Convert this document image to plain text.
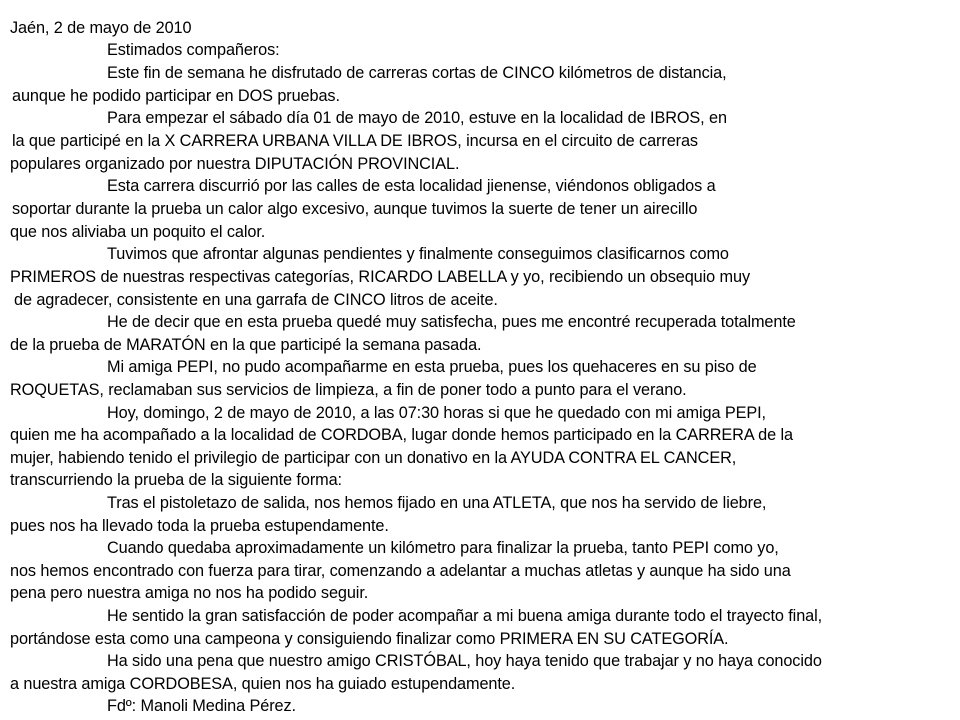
Jaén, 2 de mayo de 2010
Estimados compañeros:
Este fin de semana he disfrutado de carreras cortas de CINCO kilómetros de distancia,
aunque he podido participar en DOS pruebas.
Para empezar el sábado día 01 de mayo de 2010, estuve en la localidad de IBROS, en
la que participé en la X CARRERA URBANA VILLA DE IBROS, incursa en el circuito de carreras
populares organizado por nuestra DIPUTACIÓN PROVINCIAL.
Esta carrera discurrió por las calles de esta localidad jienense, viéndonos obligados a
soportar durante la prueba un calor algo excesivo, aunque tuvimos la suerte de tener un airecillo
que nos aliviaba un poquito el calor.
Tuvimos que afrontar algunas pendientes y finalmente conseguimos clasificarnos como
PRIMEROS de nuestras respectivas categorías, RICARDO LABELLA y yo, recibiendo un obsequio muy
de agradecer, consistente en una garrafa de CINCO litros de aceite.
He de decir que en esta prueba quedé muy satisfecha, pues me encontré recuperada totalmente
de la prueba de MARATÓN en la que participé la semana pasada.
Mi amiga PEPI, no pudo acompañarme en esta prueba, pues los quehaceres en su piso de
ROQUETAS, reclamaban sus servicios de limpieza, a fin de poner todo a punto para el verano.
Hoy, domingo, 2 de mayo de 2010, a las 07:30 horas si que he quedado con mi amiga PEPI,
quien me ha acompañado a la localidad de CORDOBA, lugar donde hemos participado en la CARRERA de la
mujer, habiendo tenido el privilegio de participar con un donativo en la AYUDA CONTRA EL CANCER,
transcurriendo la prueba de la siguiente forma:
Tras el pistoletazo de salida, nos hemos fijado en una ATLETA, que nos ha servido de liebre,
pues nos ha llevado toda la prueba estupendamente.
Cuando quedaba aproximadamente un kilómetro para finalizar la prueba, tanto PEPI como yo,
nos hemos encontrado con fuerza para tirar, comenzando a adelantar a muchas atletas y aunque ha sido una
pena pero nuestra amiga no nos ha podido seguir.
He sentido la gran satisfacción de poder acompañar a mi buena amiga durante todo el trayecto final,
portándose esta como una campeona y consiguiendo finalizar como PRIMERA EN SU CATEGORÍA.
Ha sido una pena que nuestro amigo CRISTÓBAL, hoy haya tenido que trabajar y no haya conocido
a nuestra amiga CORDOBESA, quien nos ha guiado estupendamente.
Fdº: Manoli Medina Pérez.
